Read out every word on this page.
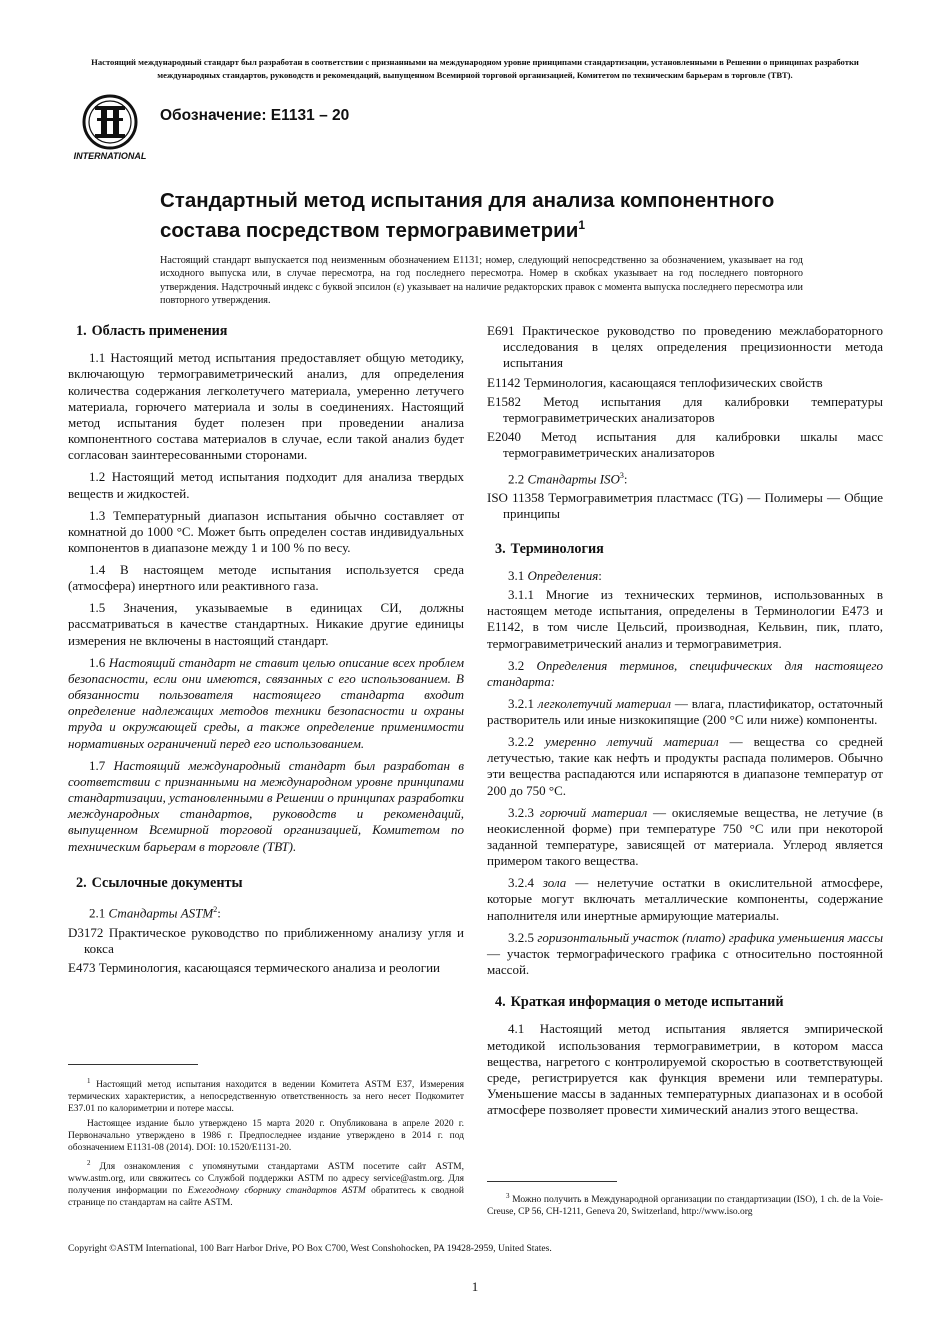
Настоящий международный стандарт был разработан в соответствии с признанными на международном уровне принципами стандартизации, установленными в Решении о принципах разработки международных стандартов, руководств и рекомендаций, выпущенном Всемирной торговой организацией, Комитетом по техническим барьерам в торговле (ТВТ).
INTERNATIONAL
Обозначение: E1131 – 20
Стандартный метод испытания для анализа компонентного состава посредством термогравиметрии$^1$
Настоящий стандарт выпускается под неизменным обозначением E1131; номер, следующий непосредственно за обозначением, указывает на год исходного выпуска или, в случае пересмотра, на год последнего пересмотра. Номер в скобках указывает на год последнего повторного утверждения. Надстрочный индекс с буквой эпсилон (ε) указывает на наличие редакторских правок с момента выпуска последнего пересмотра или повторного утверждения.
1. Область применения

1.1 Настоящий метод испытания предоставляет общую методику, включающую термогравиметрический анализ, для определения количества содержания легколетучего материала, умеренно летучего материала, горючего материала и золы в соединениях. Настоящий метод испытания будет полезен при проведении анализа компонентного состава материалов в случае, если такой анализ будет согласован заинтересованными сторонами.

1.2 Настоящий метод испытания подходит для анализа твердых веществ и жидкостей.

1.3 Температурный диапазон испытания обычно составляет от комнатной до 1000 °C. Может быть определен состав индивидуальных компонентов в диапазоне между 1 и 100 % по весу.

1.4 В настоящем методе испытания используется среда (атмосфера) инертного или реактивного газа.

1.5 Значения, указываемые в единицах СИ, должны рассматриваться в качестве стандартных. Никакие другие единицы измерения не включены в настоящий стандарт.

1.6 Настоящий стандарт не ставит целью описание всех проблем безопасности, если они имеются, связанных с его использованием. В обязанности пользователя настоящего стандарта входит определение надлежащих методов техники безопасности и охраны труда и окружающей среды, а также определение применимости нормативных ограничений перед его использованием.

1.7 Настоящий международный стандарт был разработан в соответствии с признанными на международном уровне принципами стандартизации, установленными в Решении о принципах разработки международных стандартов, руководств и рекомендаций, выпущенном Всемирной торговой организацией, Комитетом по техническим барьерам в торговле (ТВТ).

2. Ссылочные документы

2.1 Стандарты ASTM$^2$:

D3172 Практическое руководство по приближенному анализу угля и кокса

E473 Терминология, касающаяся термического анализа и реологии

$^1$ Настоящий метод испытания находится в ведении Комитета ASTM E37, Измерения термических характеристик, а непосредственную ответственность за него несет Подкомитет E37.01 по калориметрии и потере массы.

Настоящее издание было утверждено 15 марта 2020 г. Опубликована в апреле 2020 г. Первоначально утверждено в 1986 г. Предпоследнее издание утверждено в 2014 г. под обозначением E1131-08 (2014). DOI: 10.1520/E1131-20.

$^2$ Для ознакомления с упомянутыми стандартами ASTM посетите сайт ASTM, www.astm.org, или свяжитесь со Службой поддержки ASTM по адресу service@astm.org. Для получения информации по Ежегодному сборнику стандартов ASTM обратитесь к сводной странице по стандартам на сайте ASTM.

E691 Практическое руководство по проведению межлабораторного исследования в целях определения прецизионности метода испытания

E1142 Терминология, касающаяся теплофизических свойств

E1582 Метод испытания для калибровки температуры термогравиметрических анализаторов

E2040 Метод испытания для калибровки шкалы масс термогравиметрических анализаторов

2.2 Стандарты ISO$^3$:

ISO 11358 Термогравиметрия пластмасс (TG) — Полимеры — Общие принципы

3. Терминология

3.1 Определения:

3.1.1 Многие из технических терминов, использованных в настоящем методе испытания, определены в Терминологии E473 и E1142, в том числе Цельсий, производная, Кельвин, пик, плато, термогравиметрический анализ и термогравиметрия.

3.2 Определения терминов, специфических для настоящего стандарта:

3.2.1 легколетучий материал — влага, пластификатор, остаточный растворитель или иные низкокипящие (200 °C или ниже) компоненты.

3.2.2 умеренно летучий материал — вещества со средней летучестью, такие как нефть и продукты распада полимеров. Обычно эти вещества распадаются или испаряются в диапазоне температур от 200 до 750 °C.

3.2.3 горючий материал — окисляемые вещества, не летучие (в неокисленной форме) при температуре 750 °C или при некоторой заданной температуре, зависящей от материала. Углерод является примером такого вещества.

3.2.4 зола — нелетучие остатки в окислительной атмосфере, которые могут включать металлические компоненты, содержание наполнителя или инертные армирующие материалы.

3.2.5 горизонтальный участок (плато) графика уменьшения массы — участок термографического графика с относительно постоянной массой.

4. Краткая информация о методе испытаний

4.1 Настоящий метод испытания является эмпирической методикой использования термогравиметрии, в котором масса вещества, нагретого с контролируемой скоростью в соответствующей среде, регистрируется как функция времени или температуры. Уменьшение массы в заданных температурных диапазонах и в особой атмосфере позволяет провести химический анализ этого вещества.

$^3$ Можно получить в Международной организации по стандартизации (ISO), 1 ch. de la Voie-Creuse, CP 56, CH-1211, Geneva 20, Switzerland, http://www.iso.org

Copyright ©ASTM International, 100 Barr Harbor Drive, PO Box C700, West Conshohocken, PA 19428-2959, United States.
1
